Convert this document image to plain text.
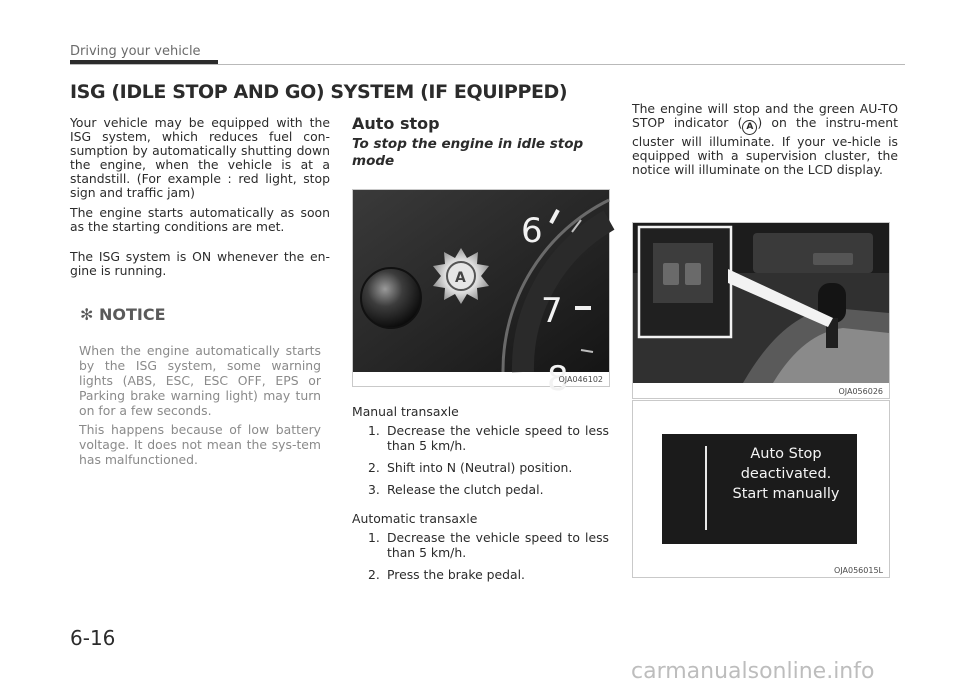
Driving your vehicle
ISG (IDLE STOP AND GO) SYSTEM (IF EQUIPPED)
Your vehicle may be equipped with the ISG system, which reduces fuel con-sumption by automatically shutting down the engine, when the vehicle is at a standstill. (For example : red light, stop sign and traffic jam)
The engine starts automatically as soon as the starting conditions are met.
The ISG system is ON whenever the en-gine is running.
✻ NOTICE
When the engine automatically starts by the ISG system, some warning lights (ABS, ESC, ESC OFF, EPS or Parking brake warning light) may turn on for a few seconds.
This happens because of low battery voltage. It does not mean the sys-tem has malfunctioned.
Auto stop
To stop the engine in idle stop mode
6
7
8
A
OJA046102
Manual transaxle
1. Decrease the vehicle speed to less than 5 km/h.
2. Shift into N (Neutral) position.
3. Release the clutch pedal.
Automatic transaxle
1. Decrease the vehicle speed to less than 5 km/h.
2. Press the brake pedal.
The engine will stop and the green AU-TO STOP indicator ( A ) on the instru-ment cluster will illuminate. If your ve-hicle is equipped with a supervision cluster, the notice will illuminate on the LCD display.
OJA056026
Auto Stop
deactivated.
Start manually
OJA056015L
6-16
carmanualsonline.info
